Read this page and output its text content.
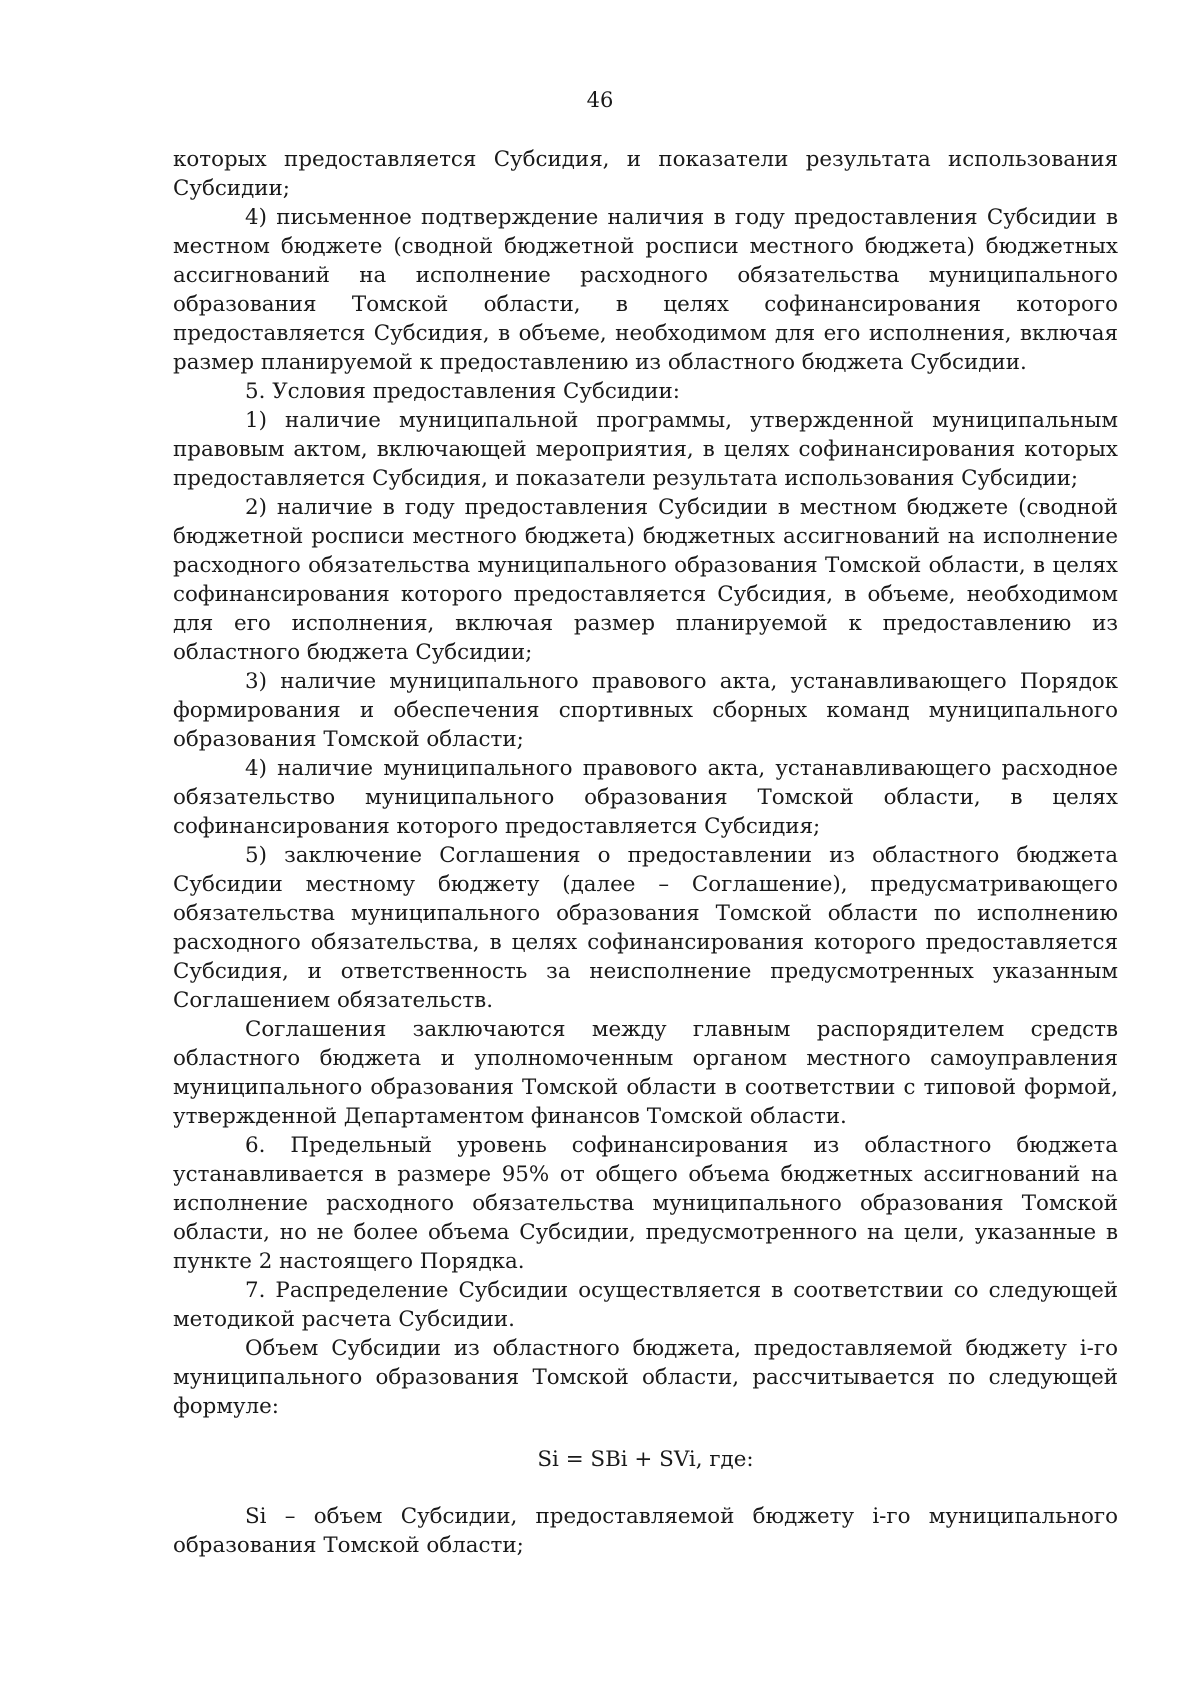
46

которых предоставляется Субсидия, и показатели результата использования Субсидии;

4) письменное подтверждение наличия в году предоставления Субсидии в местном бюджете (сводной бюджетной росписи местного бюджета) бюджетных ассигнований на исполнение расходного обязательства муниципального образования Томской области, в целях софинансирования которого предоставляется Субсидия, в объеме, необходимом для его исполнения, включая размер планируемой к предоставлению из областного бюджета Субсидии.

5. Условия предоставления Субсидии:

1) наличие муниципальной программы, утвержденной муниципальным правовым актом, включающей мероприятия, в целях софинансирования которых предоставляется Субсидия, и показатели результата использования Субсидии;

2) наличие в году предоставления Субсидии в местном бюджете (сводной бюджетной росписи местного бюджета) бюджетных ассигнований на исполнение расходного обязательства муниципального образования Томской области, в целях софинансирования которого предоставляется Субсидия, в объеме, необходимом для его исполнения, включая размер планируемой к предоставлению из областного бюджета Субсидии;

3) наличие муниципального правового акта, устанавливающего Порядок формирования и обеспечения спортивных сборных команд муниципального образования Томской области;

4) наличие муниципального правового акта, устанавливающего расходное обязательство муниципального образования Томской области, в целях софинансирования которого предоставляется Субсидия;

5) заключение Соглашения о предоставлении из областного бюджета Субсидии местному бюджету (далее – Соглашение), предусматривающего обязательства муниципального образования Томской области по исполнению расходного обязательства, в целях софинансирования которого предоставляется Субсидия, и ответственность за неисполнение предусмотренных указанным Соглашением обязательств.

Соглашения заключаются между главным распорядителем средств областного бюджета и уполномоченным органом местного самоуправления муниципального образования Томской области в соответствии с типовой формой, утвержденной Департаментом финансов Томской области.

6. Предельный уровень софинансирования из областного бюджета устанавливается в размере 95% от общего объема бюджетных ассигнований на исполнение расходного обязательства муниципального образования Томской области, но не более объема Субсидии, предусмотренного на цели, указанные в пункте 2 настоящего Порядка.

7. Распределение Субсидии осуществляется в соответствии со следующей методикой расчета Субсидии.

Объем Субсидии из областного бюджета, предоставляемой бюджету i-го муниципального образования Томской области, рассчитывается по следующей формуле:

Si = SBi + SVi, где:

Si – объем Субсидии, предоставляемой бюджету i-го муниципального образования Томской области;
